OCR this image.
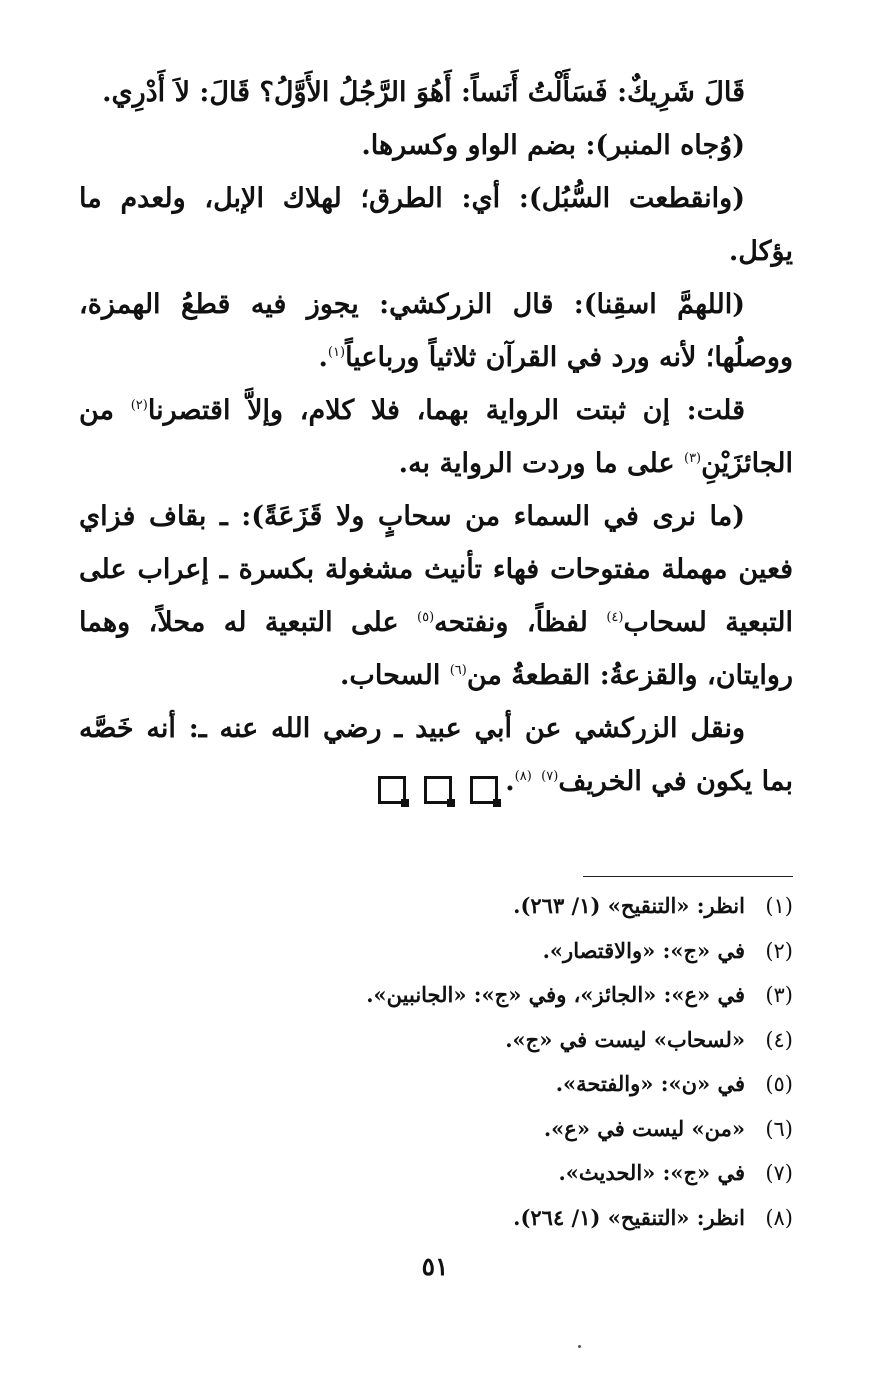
قَالَ شَرِيكٌ: فَسَأَلْتُ أَنَساً: أَهُوَ الرَّجُلُ الأَوَّلُ؟ قَالَ: لاَ أَدْرِي.

(وُجاه المنبر): بضم الواو وكسرها.

(وانقطعت السُّبُل): أي: الطرق؛ لهلاك الإبل، ولعدم ما يؤكل.

(اللهمَّ اسقِنا): قال الزركشي: يجوز فيه قطعُ الهمزة، ووصلُها؛ لأنه ورد في القرآن ثلاثياً ورباعياً$^{(١)}$.

قلت: إن ثبتت الرواية بهما، فلا كلام، وإلاَّ اقتصرنا$^{(٢)}$ من الجائزَيْنِ$^{(٣)}$ على ما وردت الرواية به.

(ما نرى في السماء من سحابٍ ولا قَزَعَةً): ـ بقاف فزاي فعين مهملة مفتوحات فهاء تأنيث مشغولة بكسرة ـ إعراب على التبعية لسحاب$^{(٤)}$ لفظاً، ونفتحه$^{(٥)}$ على التبعية له محلاً، وهما روايتان، والقزعةُ: القطعةُ من$^{(٦)}$ السحاب.

ونقل الزركشي عن أبي عبيد ـ رضي الله عنه ـ: أنه خَصَّه بما يكون في الخريف$^{(٧)}$ $^{(٨)}$.

(١)
انظر: «التنقيح» (١/ ٢٦٣).
(٢)
في «ج»: «والاقتصار».
(٣)
في «ع»: «الجائز»، وفي «ج»: «الجانبين».
(٤)
«لسحاب» ليست في «ج».
(٥)
في «ن»: «والفتحة».
(٦)
«من» ليست في «ع».
(٧)
في «ج»: «الحديث».
(٨)
انظر: «التنقيح» (١/ ٢٦٤).
٥١
